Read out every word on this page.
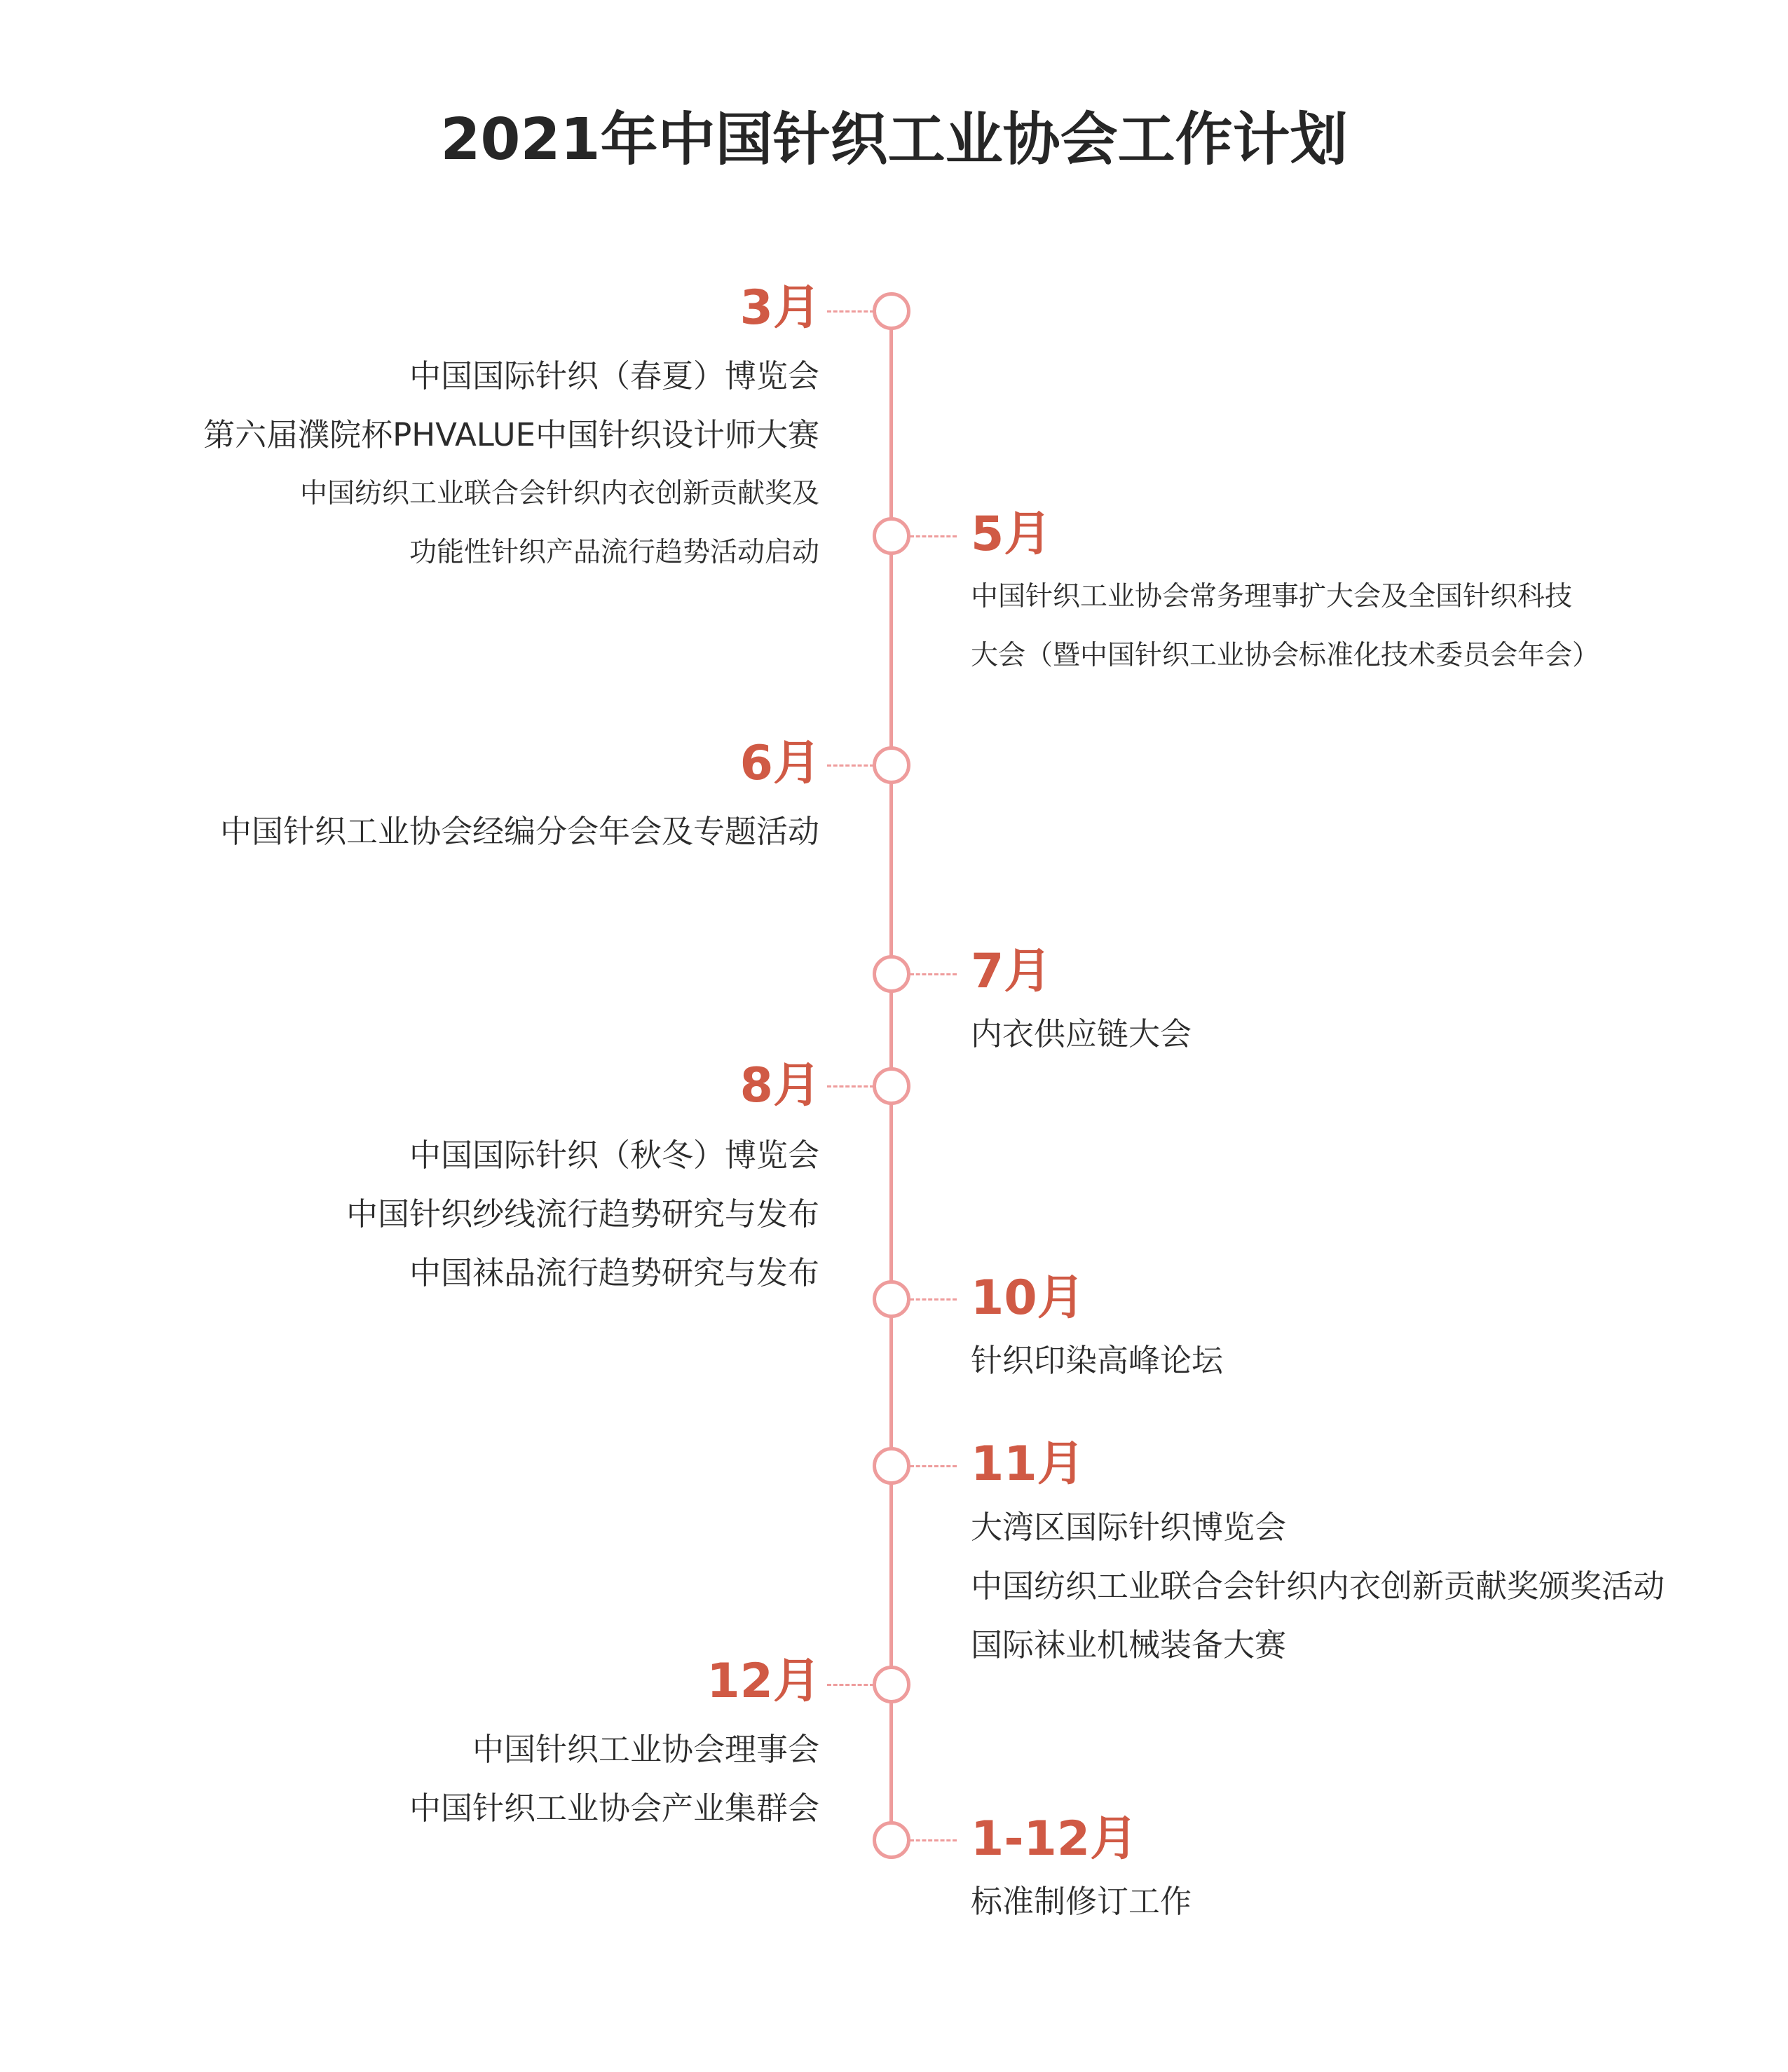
2021年中国针织工业协会工作计划
3月
中国国际针织（春夏）博览会
第六届濮院杯PHVALUE中国针织设计师大赛
中国纺织工业联合会针织内衣创新贡献奖及
功能性针织产品流行趋势活动启动	5月
中国针织工业协会常务理事扩大会及全国针织科技
大会（暨中国针织工业协会标准化技术委员会年会）
6月
中国针织工业协会经编分会年会及专题活动
7月
内衣供应链大会
8月
中国国际针织（秋冬）博览会
中国针织纱线流行趋势研究与发布
中国袜品流行趋势研究与发布	10月
针织印染高峰论坛
11月
大湾区国际针织博览会
中国纺织工业联合会针织内衣创新贡献奖颁奖活动
国际袜业机械装备大赛
12月
中国针织工业协会理事会
中国针织工业协会产业集群会
1-12月
标准制修订工作
